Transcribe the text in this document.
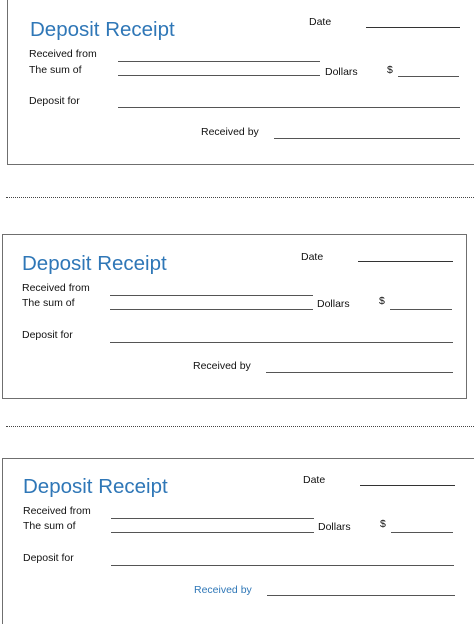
Deposit Receipt	Date
Received from
The sum of	Dollars	$
Deposit for
Received by
Deposit Receipt	Date
Received from
The sum of	Dollars	$
Deposit for
Received by
Deposit Receipt	Date
Received from
The sum of	Dollars	$
Deposit for
Received by
